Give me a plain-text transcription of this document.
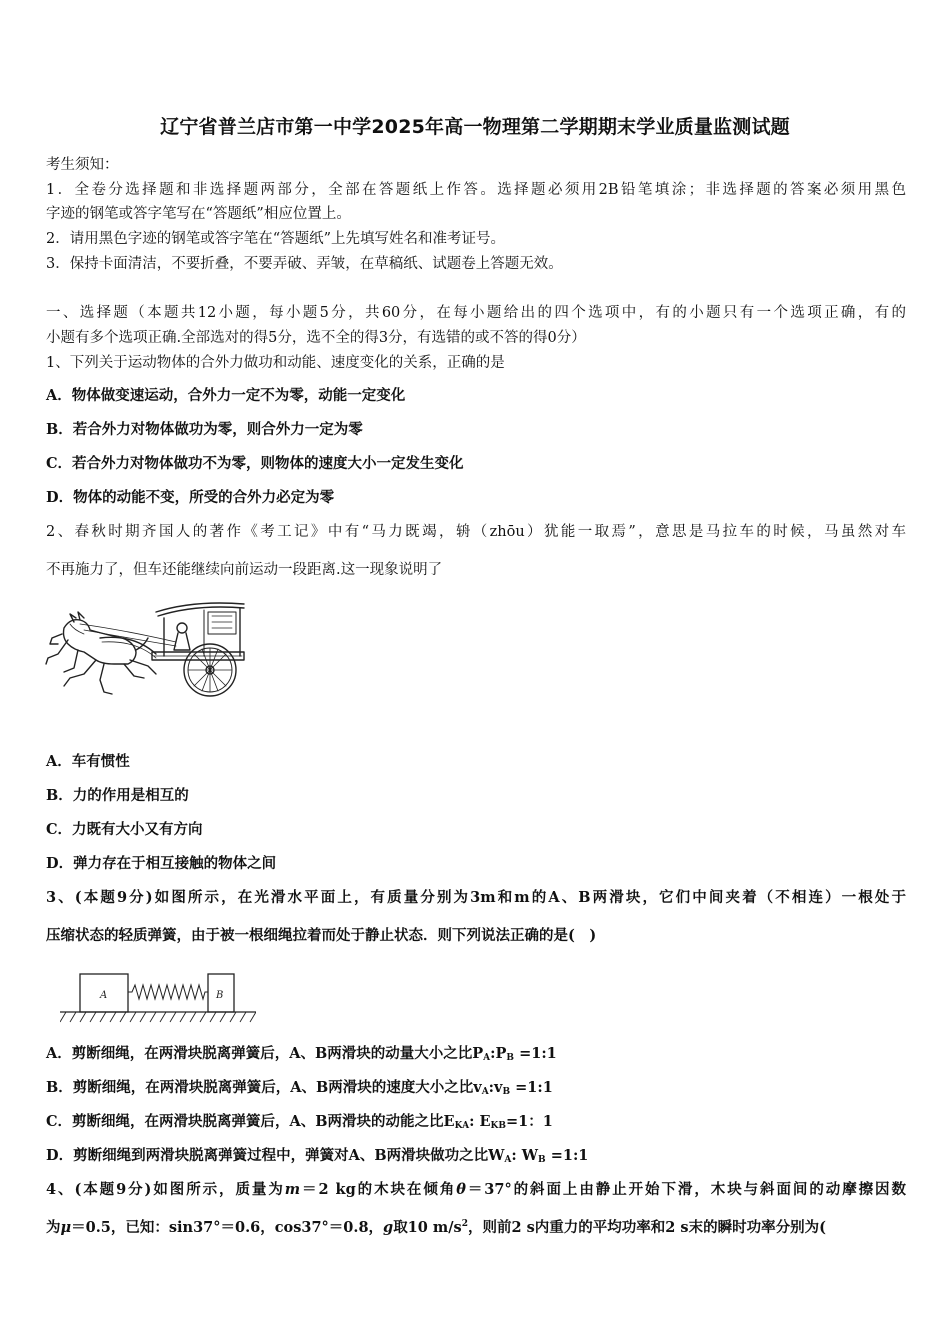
辽宁省普兰店市第一中学2025年高一物理第二学期期末学业质量监测试题
考生须知：
1．全卷分选择题和非选择题两部分，全部在答题纸上作答。选择题必须用2B铅笔填涂；非选择题的答案必须用黑色
字迹的钢笔或答字笔写在“答题纸”相应位置上。
2．请用黑色字迹的钢笔或答字笔在“答题纸”上先填写姓名和准考证号。
3．保持卡面清洁，不要折叠，不要弄破、弄皱，在草稿纸、试题卷上答题无效。
一、选择题（本题共12小题，每小题5分，共60分，在每小题给出的四个选项中，有的小题只有一个选项正确，有的
小题有多个选项正确.全部选对的得5分，选不全的得3分，有选错的或不答的得0分）
1、下列关于运动物体的合外力做功和动能、速度变化的关系，正确的是
A．物体做变速运动，合外力一定不为零，动能一定变化
B．若合外力对物体做功为零，则合外力一定为零
C．若合外力对物体做功不为零，则物体的速度大小一定发生变化
D．物体的动能不变，所受的合外力必定为零
2、春秋时期齐国人的著作《考工记》中有“马力既竭，辀（zhōu）犹能一取焉”，意思是马拉车的时候，马虽然对车
不再施力了，但车还能继续向前运动一段距离.这一现象说明了
A．车有惯性
B．力的作用是相互的
C．力既有大小又有方向
D．弹力存在于相互接触的物体之间
3、(本题9分)如图所示，在光滑水平面上，有质量分别为3m和m的A、B两滑块，它们中间夹着（不相连）一根处于
压缩状态的轻质弹簧，由于被一根细绳拉着而处于静止状态．则下列说法正确的是(　)
A	B
A．剪断细绳，在两滑块脱离弹簧后，A、B两滑块的动量大小之比$P_A:P_B$ =1:1
B．剪断细绳，在两滑块脱离弹簧后，A、B两滑块的速度大小之比$v_A:v_B$ =1:1
C．剪断细绳，在两滑块脱离弹簧后，A、B两滑块的动能之比$E_{KA}$: $E_{KB}=1$：1
D．剪断细绳到两滑块脱离弹簧过程中，弹簧对A、B两滑块做功之比$W_A$: $W_B$ =1:1
4、(本题9分)如图所示，质量为m＝2 kg的木块在倾角θ＝37°的斜面上由静止开始下滑，木块与斜面间的动摩擦因数
为μ＝0.5，已知：sin37°＝0.6，cos37°＝0.8，g取10 $m/s^2$，则前2 s内重力的平均功率和2 s末的瞬时功率分别为(
